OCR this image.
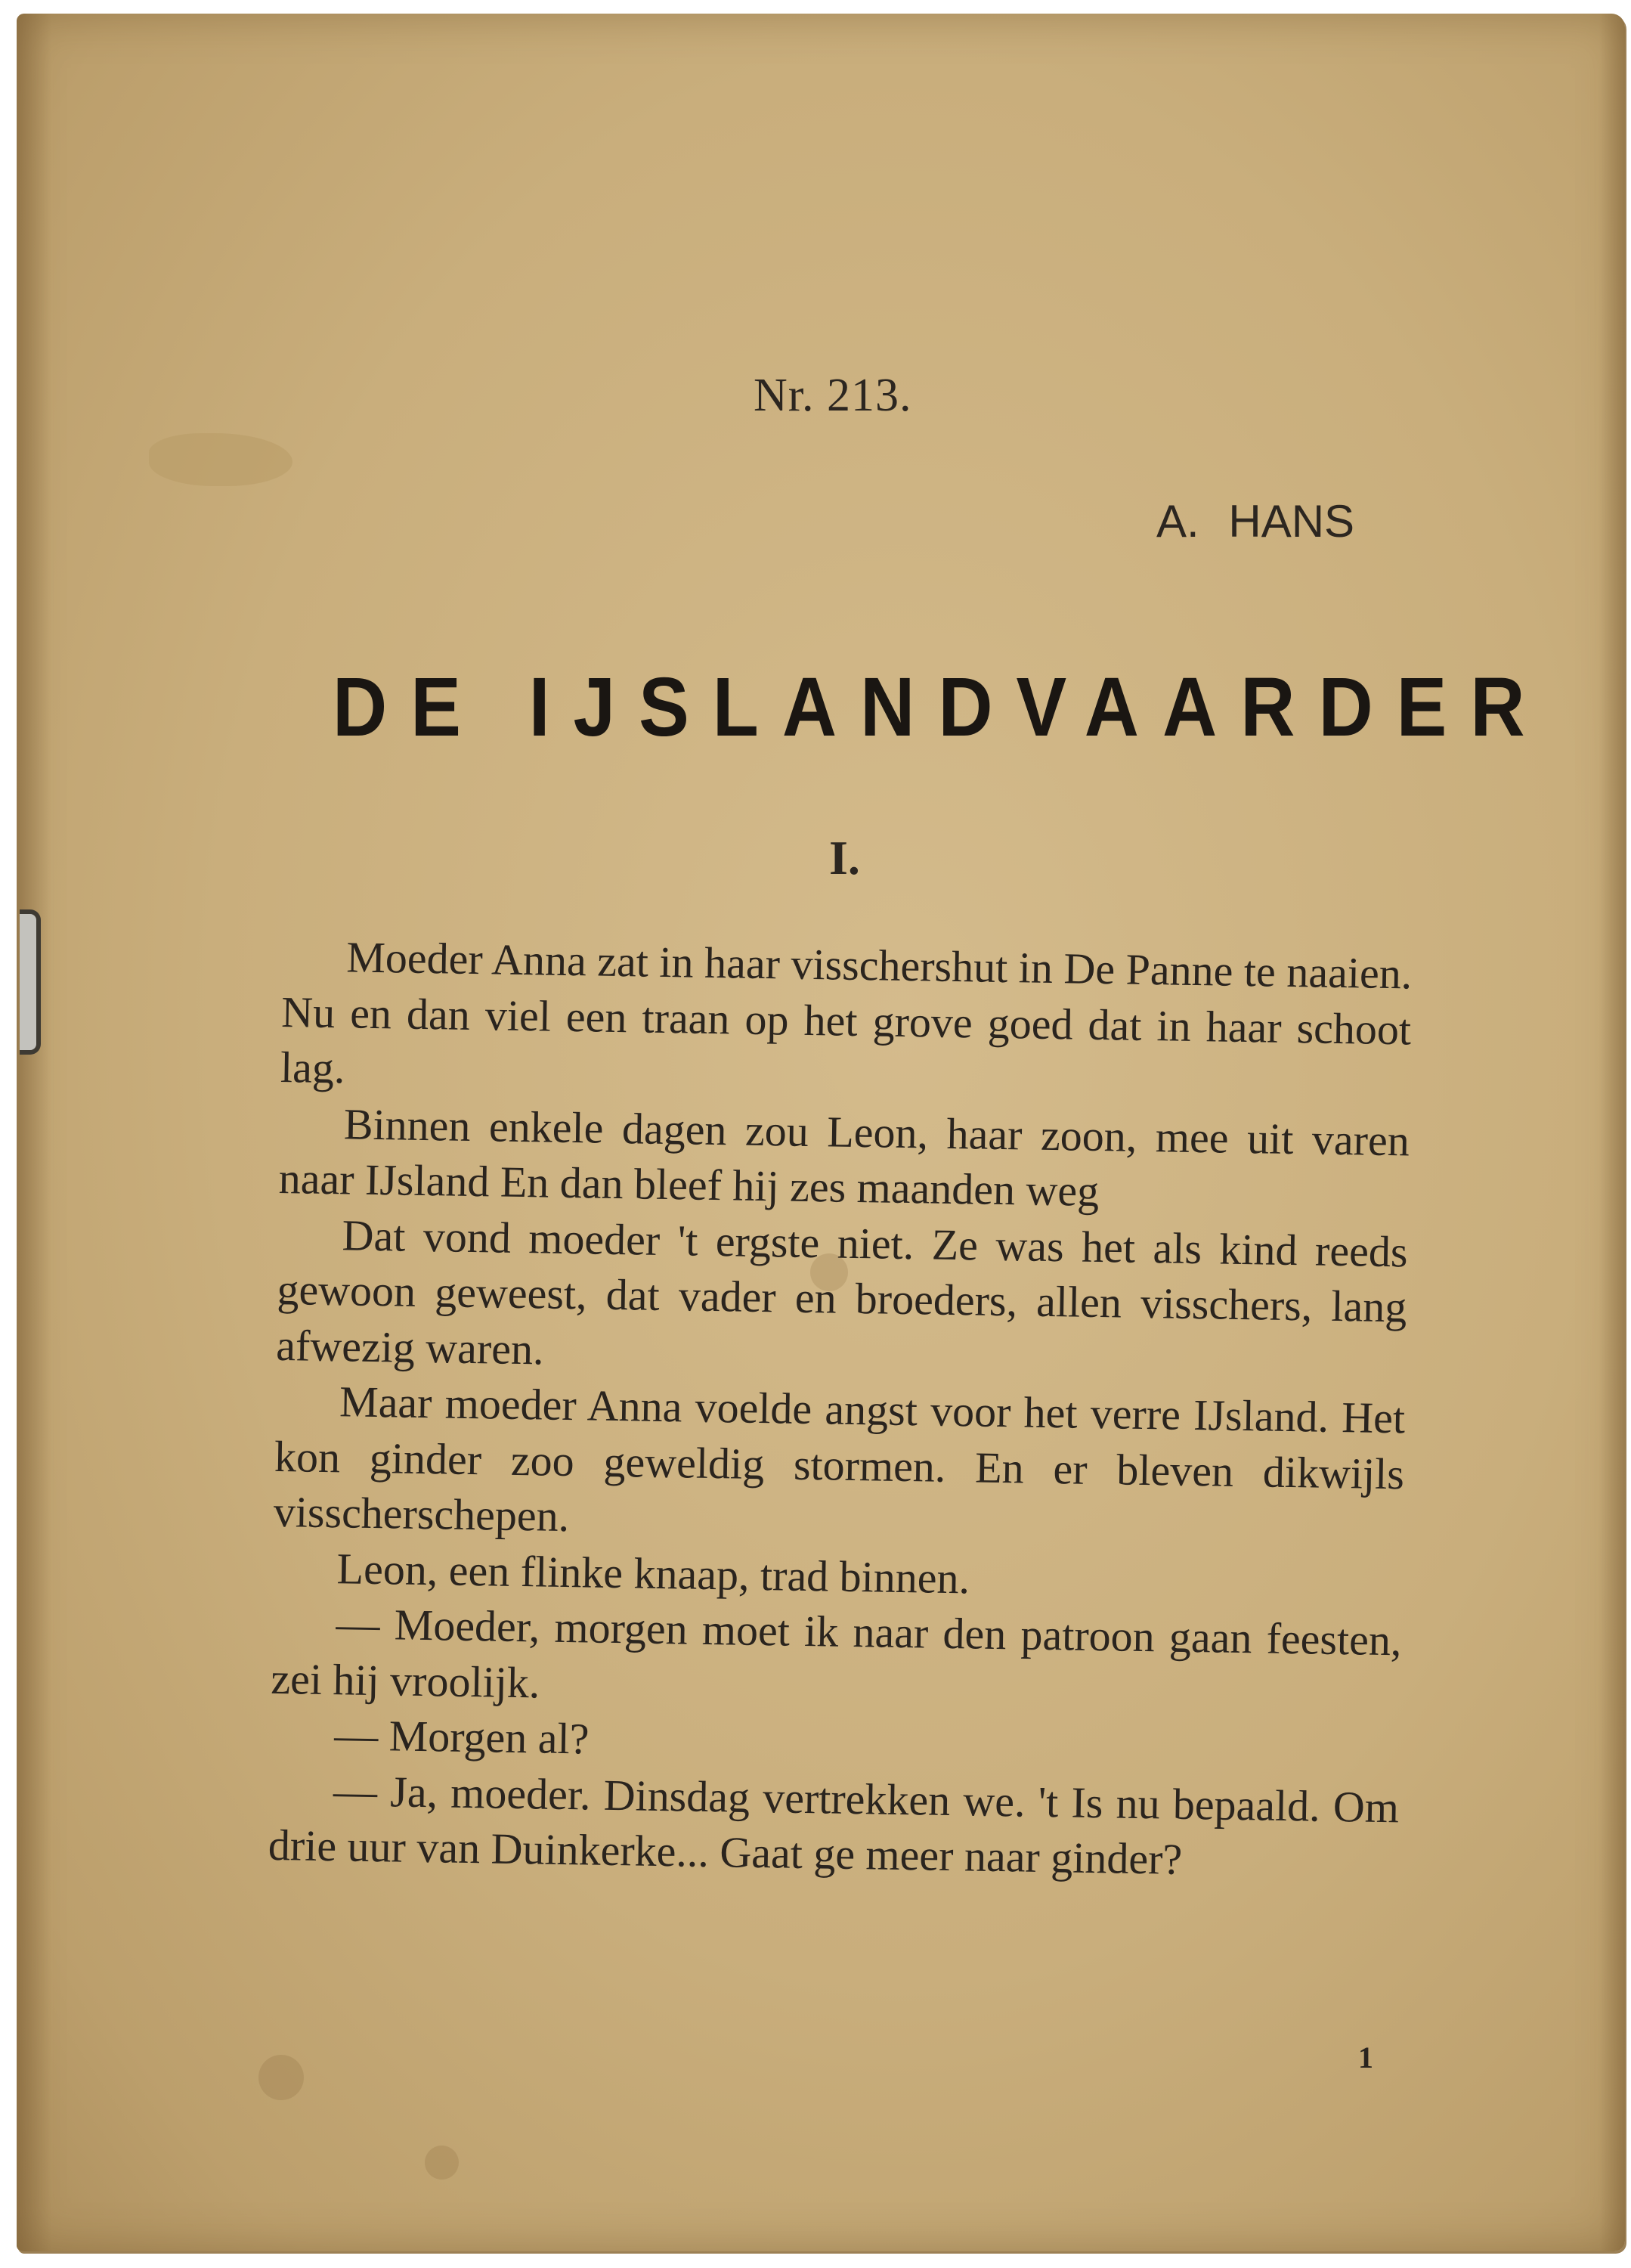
Nr. 213.
A. HANS
DE IJSLANDVAARDER
I.

Moeder Anna zat in haar visschershut in De Panne te naaien. Nu en dan viel een traan op het grove goed dat in haar schoot lag.

Binnen enkele dagen zou Leon, haar zoon, mee uit varen naar IJsland En dan bleef hij zes maanden weg

Dat vond moeder 't ergste niet. Ze was het als kind reeds gewoon geweest, dat vader en broeders, allen visschers, lang afwezig waren.

Maar moeder Anna voelde angst voor het verre IJsland. Het kon ginder zoo geweldig stormen. En er bleven dikwijls visscherschepen.

Leon, een flinke knaap, trad binnen.

— Moeder, morgen moet ik naar den patroon gaan feesten, zei hij vroolijk.

— Morgen al?

— Ja, moeder. Dinsdag vertrekken we. 't Is nu bepaald. Om drie uur van Duinkerke... Gaat ge meer naar ginder?

1
